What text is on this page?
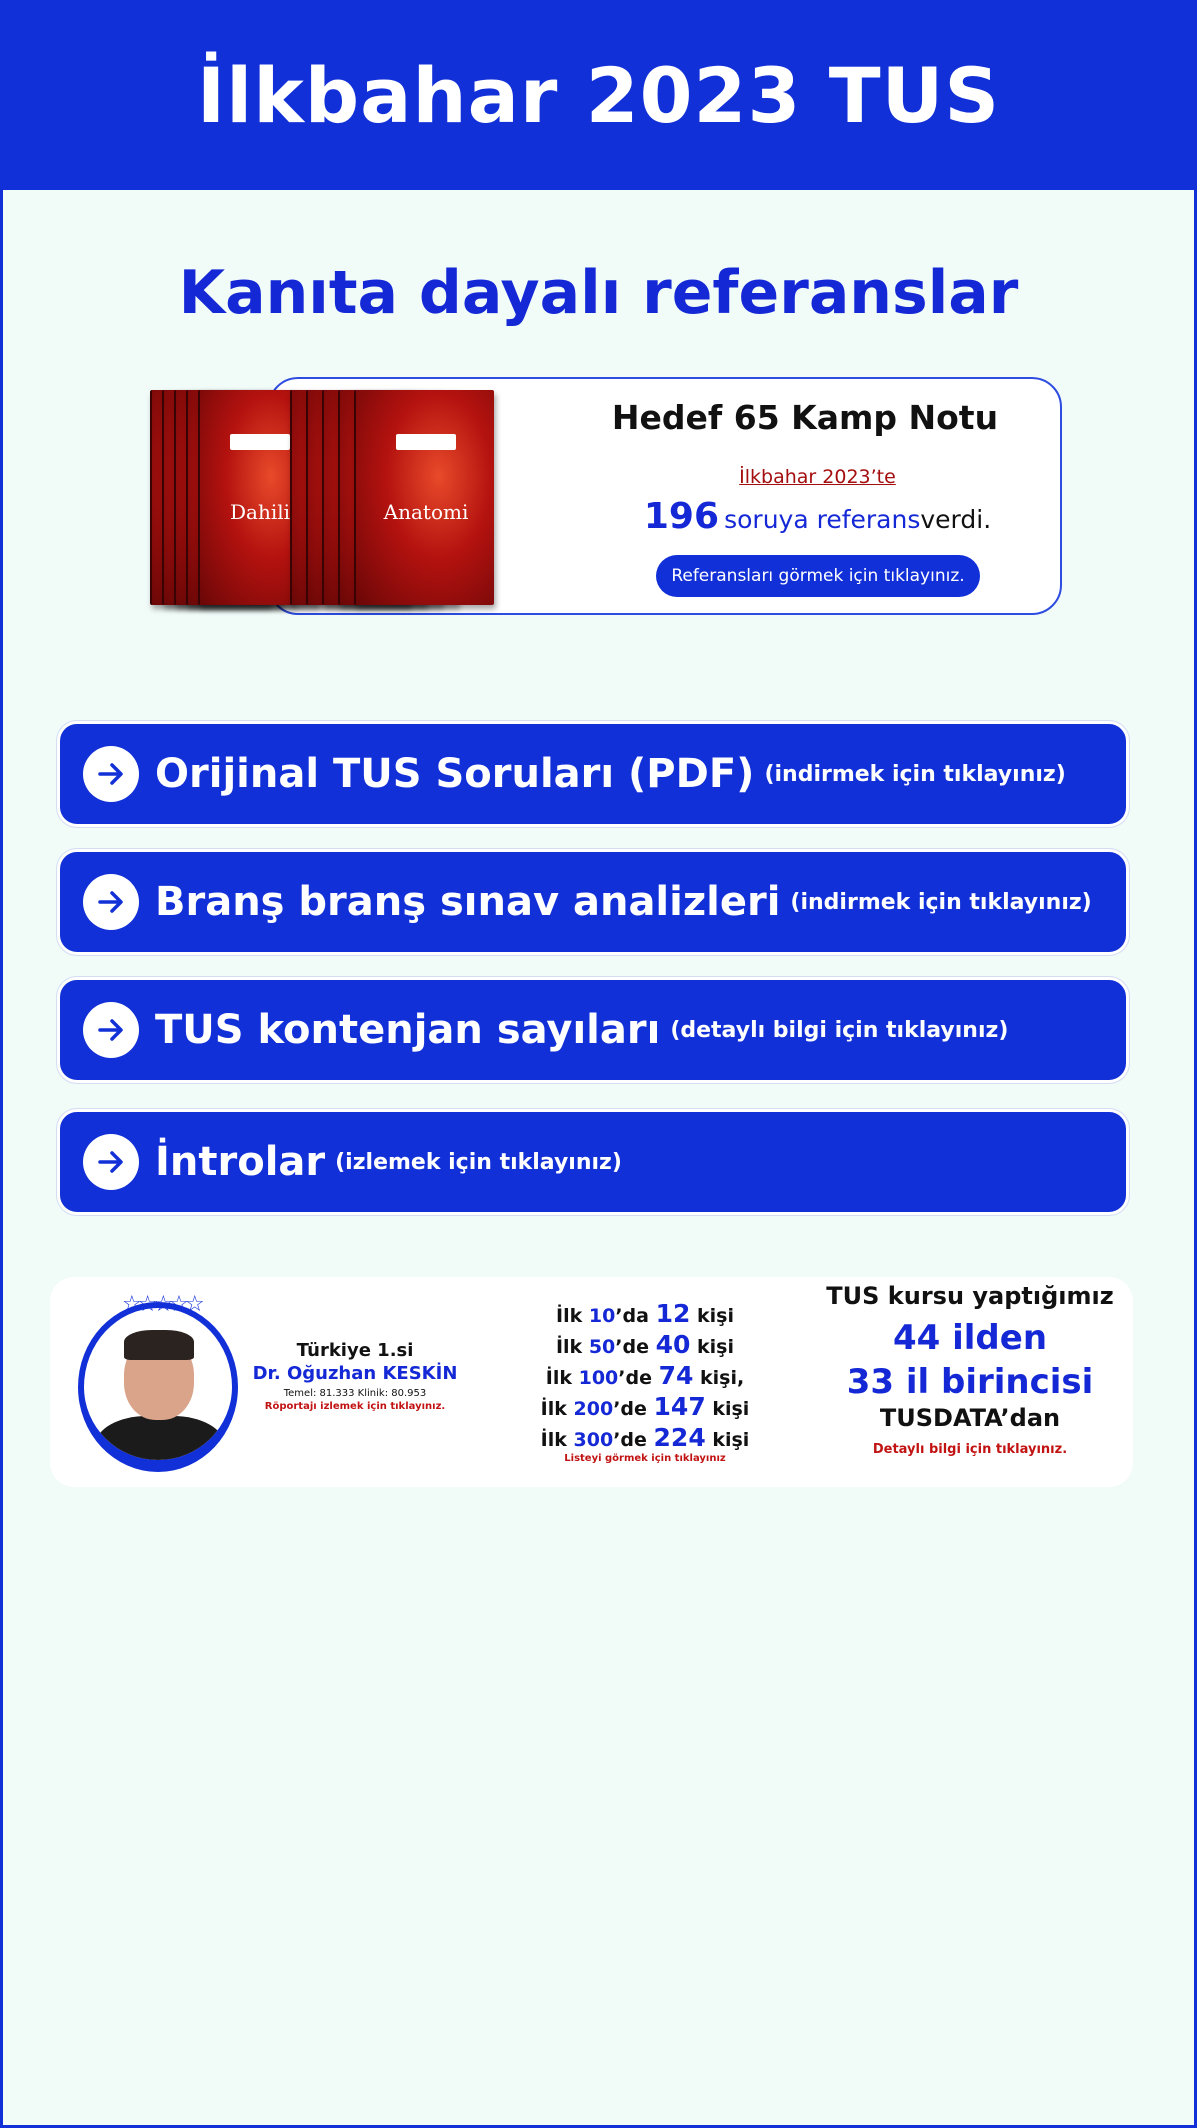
İlkbahar 2023 TUS
Kanıta dayalı referanslar
Dahili	Anatomi
Hedef 65 Kamp Notu
İlkbahar 2023’te
196 soruya referansverdi.
Referansları görmek için tıklayınız.
Orijinal TUS Soruları (PDF) (indirmek için tıklayınız)
Branş branş sınav analizleri (indirmek için tıklayınız)
TUS kontenjan sayıları (detaylı bilgi için tıklayınız)
İntrolar (izlemek için tıklayınız)
☆☆☆☆☆
Türkiye 1.si
Dr. Oğuzhan KESKİN
Temel: 81.333 Klinik: 80.953
Röportajı izlemek için tıklayınız.
İlk 10’da 12 kişi
İlk 50’de 40 kişi
İlk 100’de 74 kişi,
İlk 200’de 147 kişi
İlk 300’de 224 kişi
Listeyi görmek için tıklayınız
TUS kursu yaptığımız
44 ilden
33 il birincisi
TUSDATA’dan
Detaylı bilgi için tıklayınız.
